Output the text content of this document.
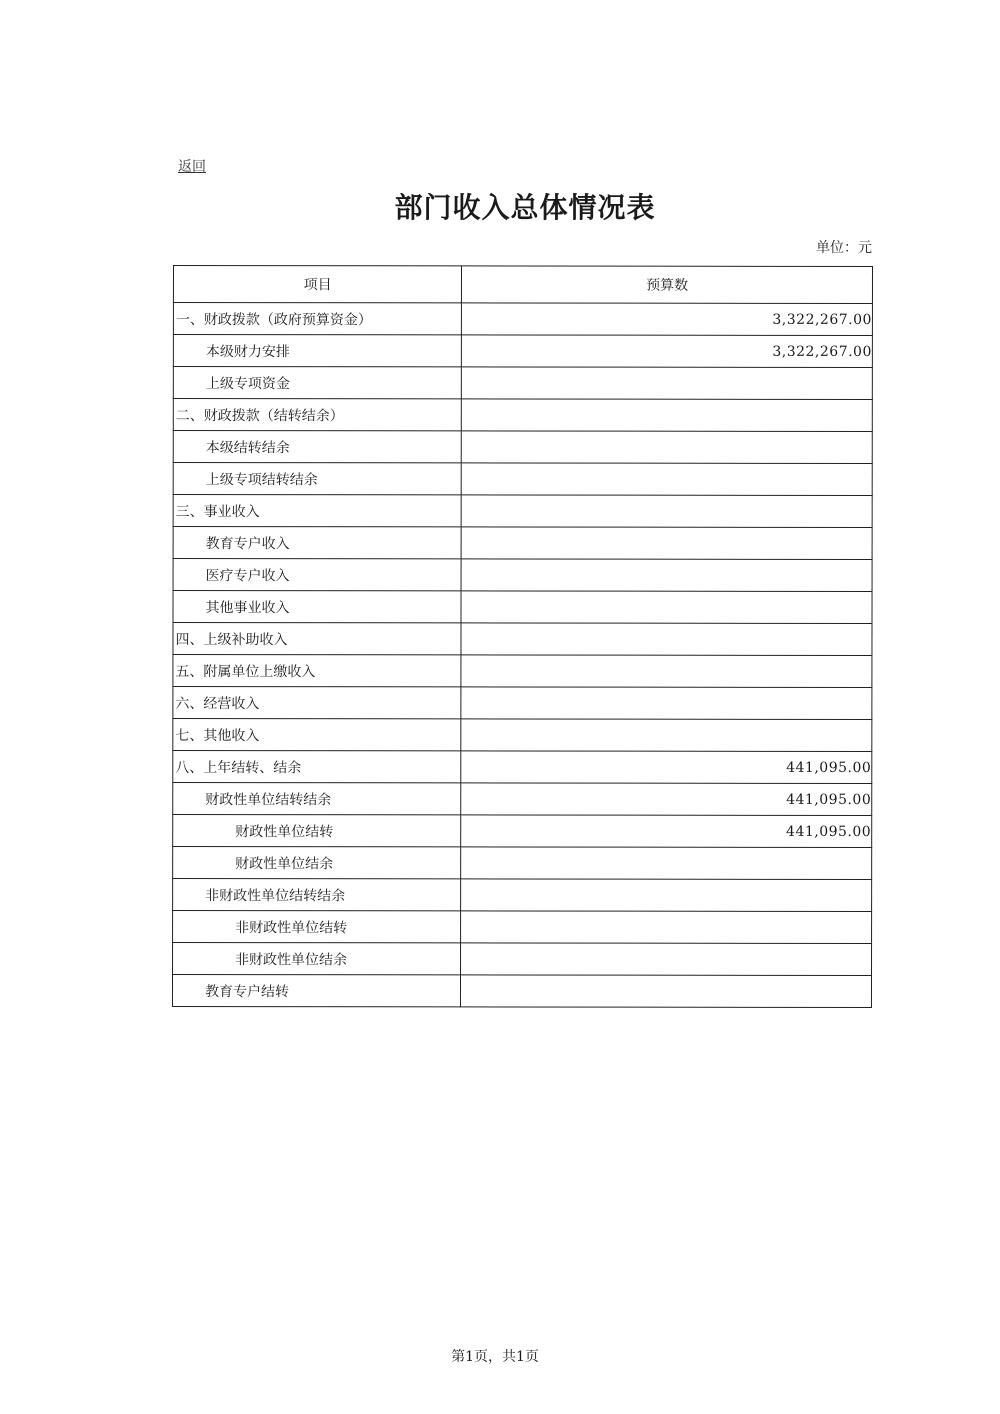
返回
部门收入总体情况表
单位：元
项目	预算数
一、财政拨款（政府预算资金）	3,322,267.00
本级财力安排	3,322,267.00
上级专项资金	
二、财政拨款（结转结余）	
本级结转结余	
上级专项结转结余	
三、事业收入	
教育专户收入	
医疗专户收入	
其他事业收入	
四、上级补助收入	
五、附属单位上缴收入	
六、经营收入	
七、其他收入	
八、上年结转、结余	441,095.00
财政性单位结转结余	441,095.00
财政性单位结转	441,095.00
财政性单位结余	
非财政性单位结转结余	
非财政性单位结转	
非财政性单位结余	
教育专户结转	
第1页，共1页
